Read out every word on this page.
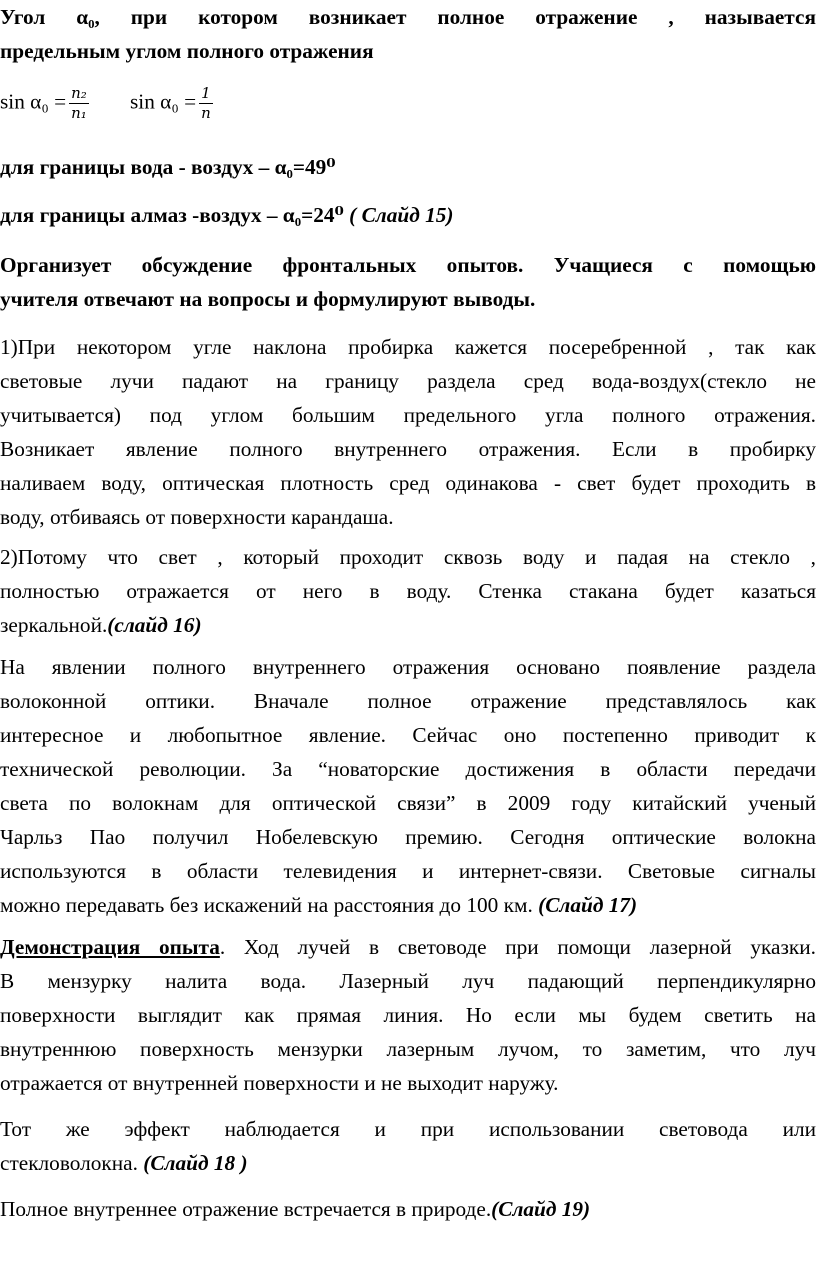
Угол α₀, при котором возникает полное отражение , называется
предельным углом полного отражения
$\sin \alpha_0 = \frac{\text{n₂}}{\text{n₁}}$ $\sin \alpha_0 = \frac{1}{n}$
для границы вода - воздух – α₀=49⁰
для границы алмаз -воздух – α₀=24⁰ ( Слайд 15)
Организует обсуждение фронтальных опытов. Учащиеся с помощью
учителя отвечают на вопросы и формулируют выводы.
1)При некотором угле наклона пробирка кажется посеребренной , так как
световые лучи падают на границу раздела сред вода-воздух(стекло не
учитывается) под углом большим предельного угла полного отражения.
Возникает явление полного внутреннего отражения. Если в пробирку
наливаем воду, оптическая плотность сред одинакова - свет будет проходить в
воду, отбиваясь от поверхности карандаша.
2)Потому что свет , который проходит сквозь воду и падая на стекло ,
полностью отражается от него в воду. Стенка стакана будет казаться
зеркальной.(слайд 16)
На явлении полного внутреннего отражения основано появление раздела
волоконной оптики. Вначале полное отражение представлялось как
интересное и любопытное явление. Сейчас оно постепенно приводит к
технической революции. За “новаторские достижения в области передачи
света по волокнам для оптической связи” в 2009 году китайский ученый
Чарльз Пао получил Нобелевскую премию. Сегодня оптические волокна
используются в области телевидения и интернет-связи. Световые сигналы
можно передавать без искажений на расстояния до 100 км. (Слайд 17)
Демонстрация опыта. Ход лучей в световоде при помощи лазерной указки.
В мензурку налита вода. Лазерный луч падающий перпендикулярно
поверхности выглядит как прямая линия. Но если мы будем светить на
внутреннюю поверхность мензурки лазерным лучом, то заметим, что луч
отражается от внутренней поверхности и не выходит наружу.
Тот же эффект наблюдается и при использовании световода или
стекловолокна. (Слайд 18 )
Полное внутреннее отражение встречается в природе.(Слайд 19)
